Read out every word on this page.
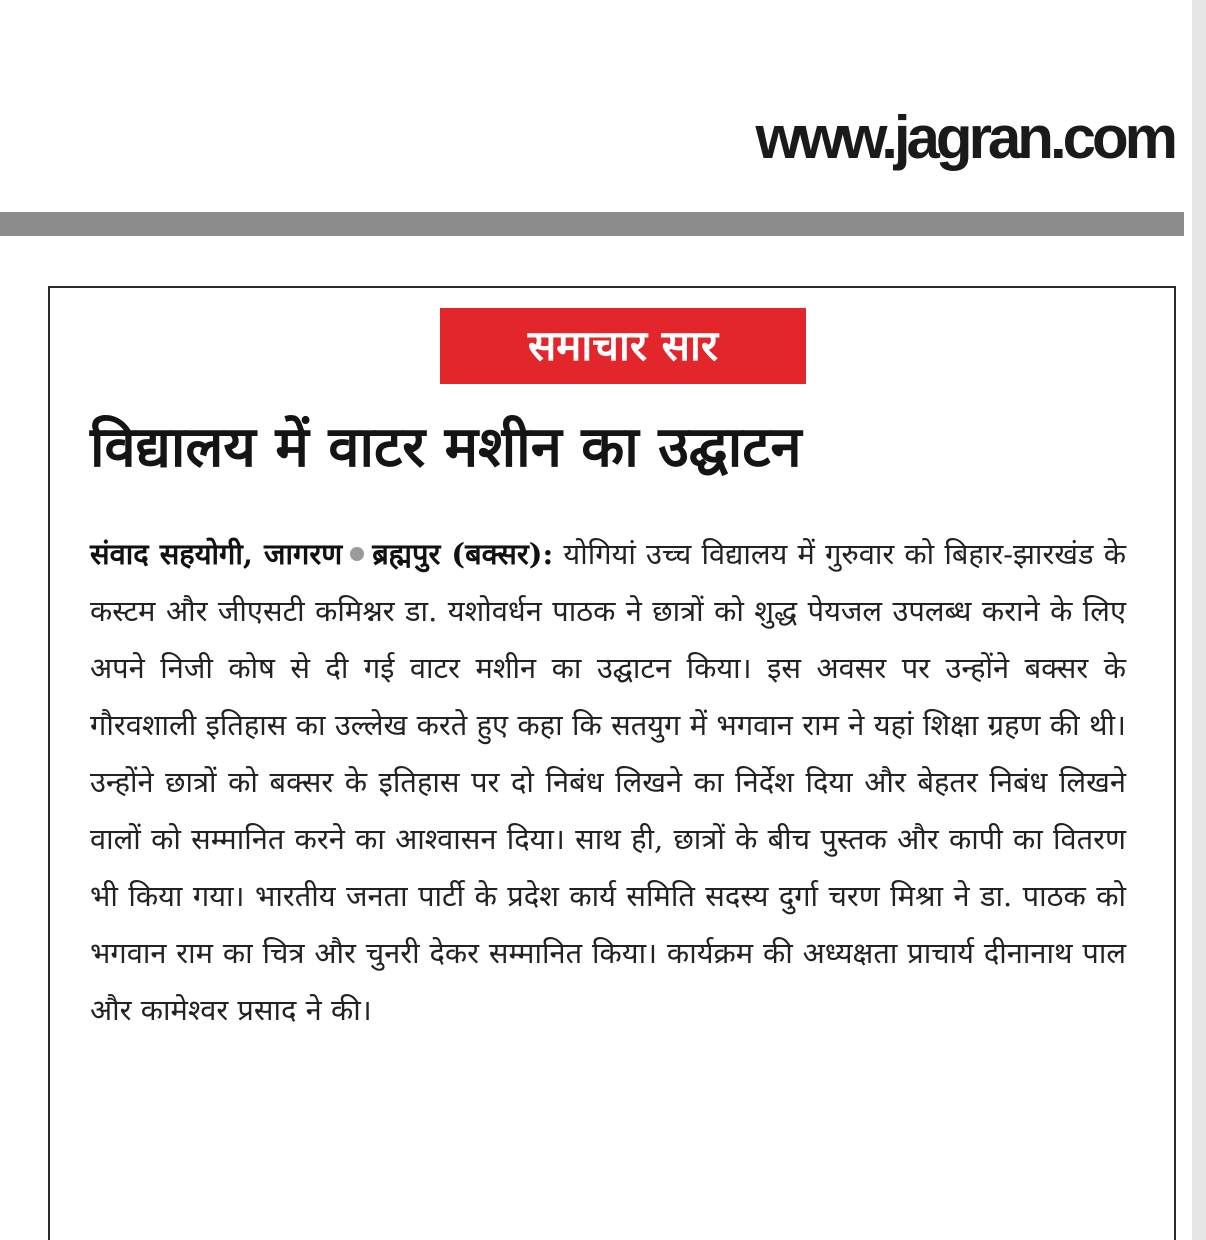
www.jagran.com
समाचार सार
विद्यालय में वाटर मशीन का उद्घाटन
संवाद सहयोगी, जागरण ब्रह्मपुर (बक्सर): योगियां उच्च विद्यालय में गुरुवार को बिहार-झारखंड के कस्टम और जीएसटी कमिश्नर डा. यशोवर्धन पाठक ने छात्रों को शुद्ध पेयजल उपलब्ध कराने के लिए अपने निजी कोष से दी गई वाटर मशीन का उद्घाटन किया। इस अवसर पर उन्होंने बक्सर के गौरवशाली इतिहास का उल्लेख करते हुए कहा कि सतयुग में भगवान राम ने यहां शिक्षा ग्रहण की थी। उन्होंने छात्रों को बक्सर के इतिहास पर दो निबंध लिखने का निर्देश दिया और बेहतर निबंध लिखने वालों को सम्मानित करने का आश्वासन दिया। साथ ही, छात्रों के बीच पुस्तक और कापी का वितरण भी किया गया। भारतीय जनता पार्टी के प्रदेश कार्य समिति सदस्य दुर्गा चरण मिश्रा ने डा. पाठक को भगवान राम का चित्र और चुनरी देकर सम्मानित किया। कार्यक्रम की अध्यक्षता प्राचार्य दीनानाथ पाल और कामेश्वर प्रसाद ने की।
